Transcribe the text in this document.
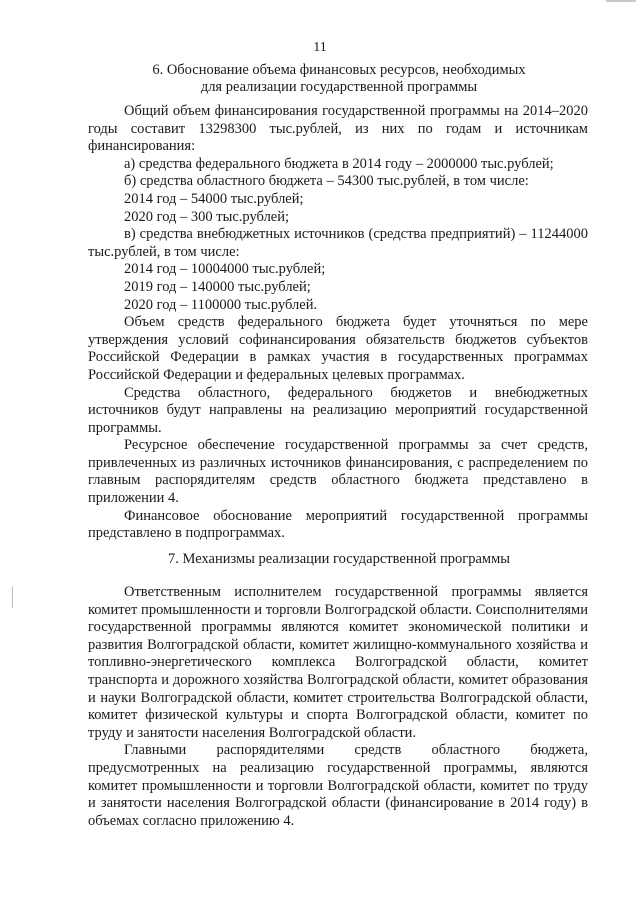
11
6. Обоснование объема финансовых ресурсов, необходимых
для реализации государственной программы

Общий объем финансирования государственной программы на 2014–2020 годы составит 13298300 тыс.рублей, из них по годам и источникам финансирования:

а) средства федерального бюджета в 2014 году – 2000000 тыс.рублей;

б) средства областного бюджета – 54300 тыс.рублей, в том числе:

2014 год – 54000 тыс.рублей;

2020 год – 300 тыс.рублей;

в) средства внебюджетных источников (средства предприятий) – 11244000 тыс.рублей, в том числе:

2014 год – 10004000 тыс.рублей;

2019 год – 140000 тыс.рублей;

2020 год – 1100000 тыс.рублей.

Объем средств федерального бюджета будет уточняться по мере утверждения условий софинансирования обязательств бюджетов субъектов Российской Федерации в рамках участия в государственных программах Российской Федерации и федеральных целевых программах.

Средства областного, федерального бюджетов и внебюджетных источников будут направлены на реализацию мероприятий государственной программы.

Ресурсное обеспечение государственной программы за счет средств, привлеченных из различных источников финансирования, с распределением по главным распорядителям средств областного бюджета представлено в приложении 4.

Финансовое обоснование мероприятий государственной программы представлено в подпрограммах.

7. Механизмы реализации государственной программы

Ответственным исполнителем государственной программы является комитет промышленности и торговли Волгоградской области. Соисполнителями государственной программы являются комитет экономической политики и развития Волгоградской области, комитет жилищно-коммунального хозяйства и топливно-энергетического комплекса Волгоградской области, комитет транспорта и дорожного хозяйства Волгоградской области, комитет образования и науки Волгоградской области, комитет строительства Волгоградской области, комитет физической культуры и спорта Волгоградской области, комитет по труду и занятости населения Волгоградской области.

Главными распорядителями средств областного бюджета, предусмотренных на реализацию государственной программы, являются комитет промышленности и торговли Волгоградской области, комитет по труду и занятости населения Волгоградской области (финансирование в 2014 году) в объемах согласно приложению 4.
